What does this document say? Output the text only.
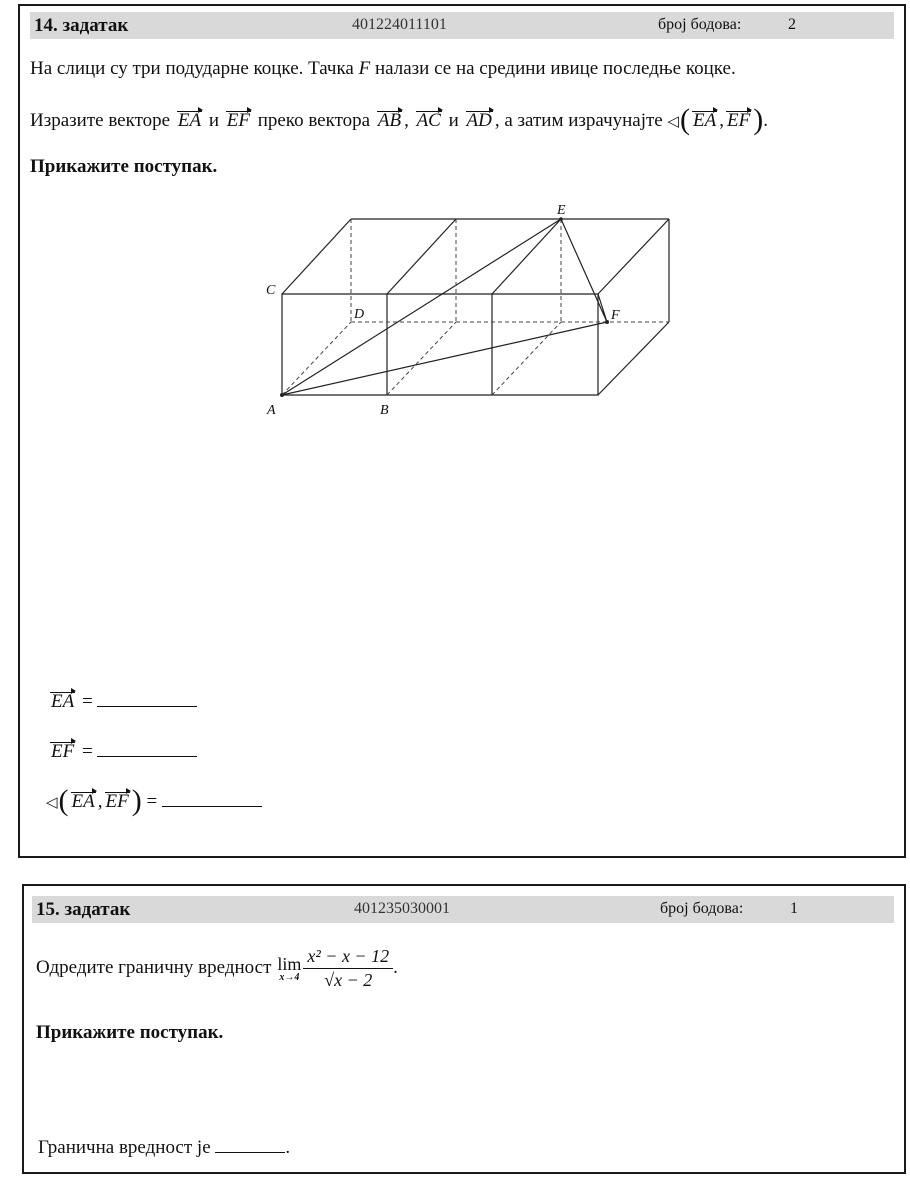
14. задатак	401224011101	број бодова:	2
На слици су три подударне коцке. Тачка F налази се на средини ивице последње коцке.
Изразите векторе EA и EF преко вектора AB , AC и AD , а затим израчунајте ◁( EA , EF ).
Прикажите поступак.
A	B
C
D
E
F
EA =
EF =
◁( EA , EF ) =
15. задатак	401235030001	број бодова:	1
Одредите граничну вредност lim
$x\to 4 \frac{\text{x² − x − 12}}{√x - 2}$ .
Прикажите поступак.
Гранична вредност је	.
